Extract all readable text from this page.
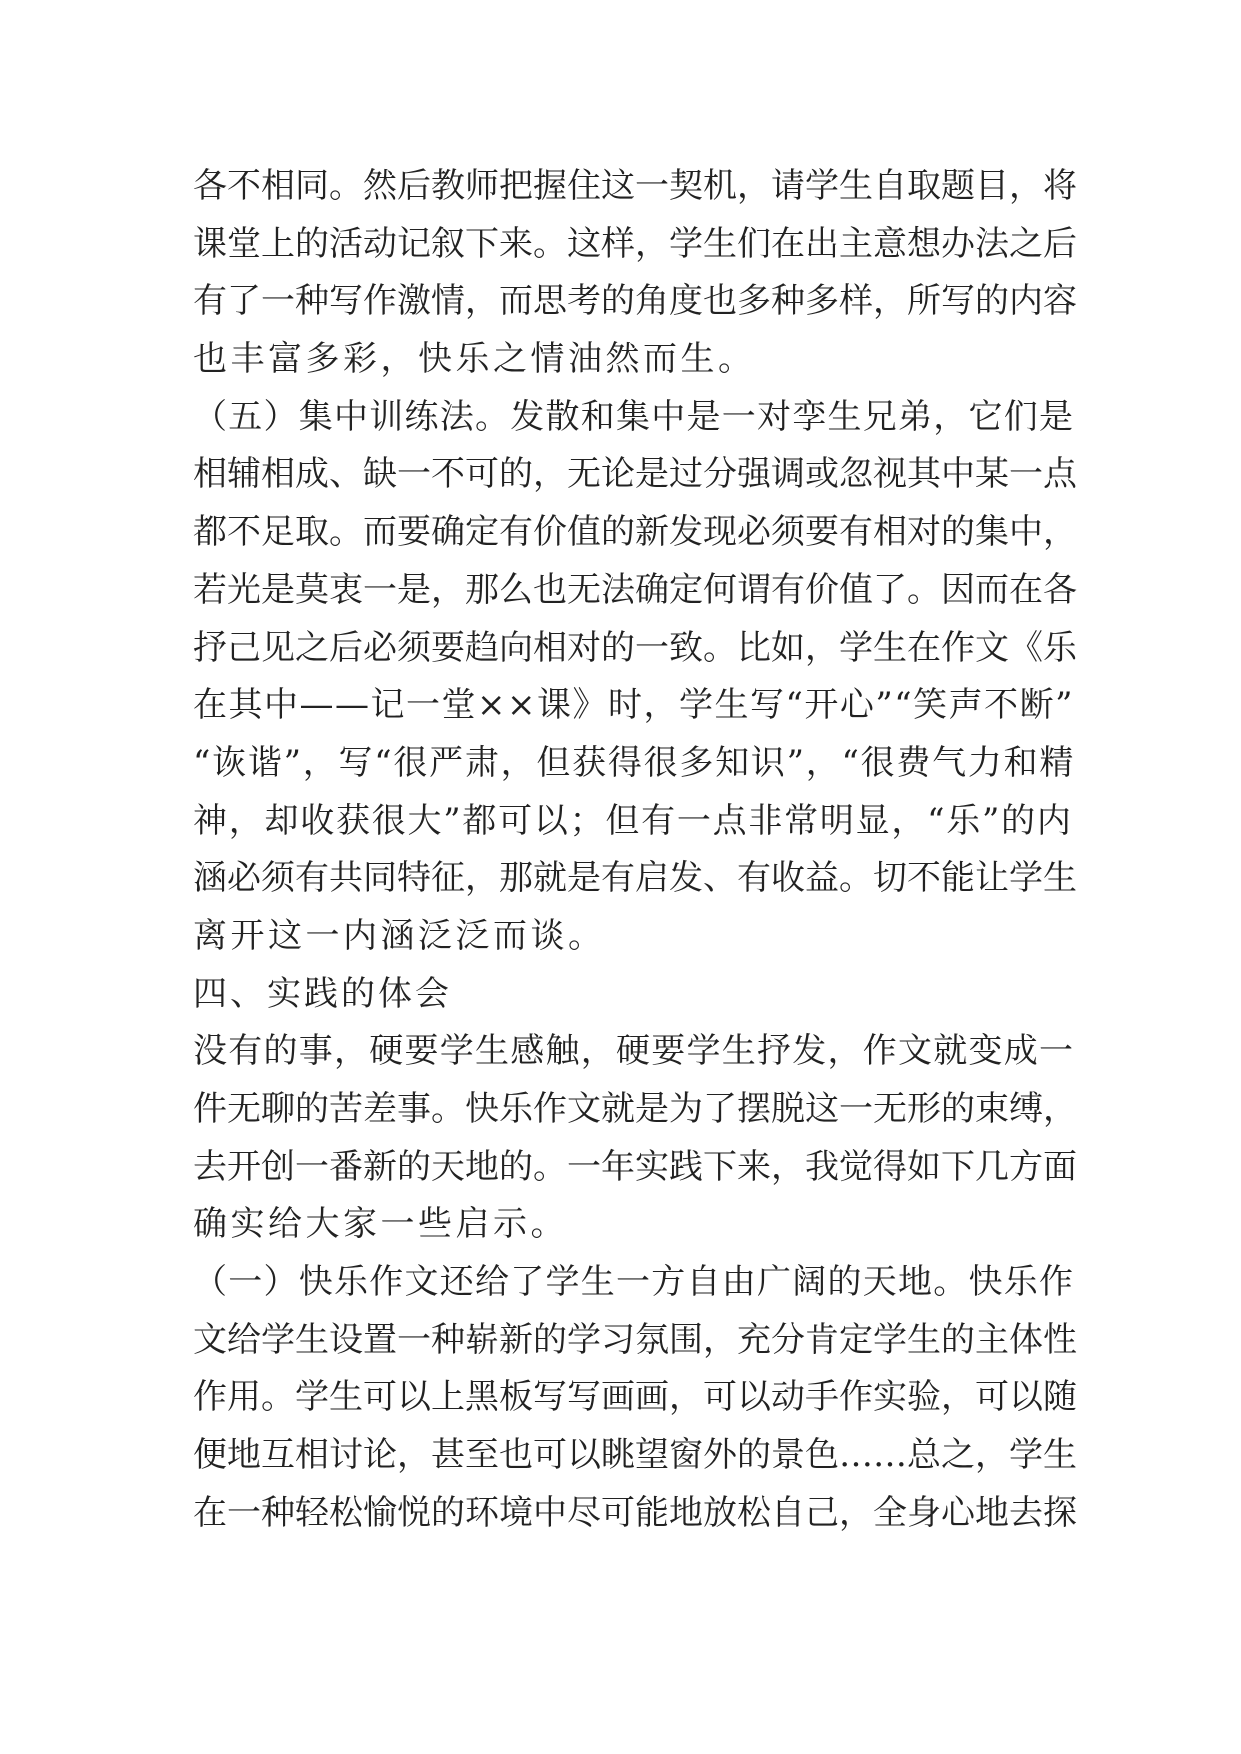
各不相同。然后教师把握住这一契机，请学生自取题目，将
课堂上的活动记叙下来。这样，学生们在出主意想办法之后
有了一种写作激情，而思考的角度也多种多样，所写的内容
也丰富多彩，快乐之情油然而生。
（五）集中训练法。发散和集中是一对孪生兄弟，它们是
相辅相成、缺一不可的，无论是过分强调或忽视其中某一点
都不足取。而要确定有价值的新发现必须要有相对的集中，
若光是莫衷一是，那么也无法确定何谓有价值了。因而在各
抒己见之后必须要趋向相对的一致。比如，学生在作文《乐
在其中——记一堂××课》时，学生写“开心”“笑声不断”
“诙谐”，写“很严肃，但获得很多知识”，“很费气力和精
神，却收获很大”都可以；但有一点非常明显，“乐”的内
涵必须有共同特征，那就是有启发、有收益。切不能让学生
离开这一内涵泛泛而谈。
四、实践的体会
没有的事，硬要学生感触，硬要学生抒发，作文就变成一
件无聊的苦差事。快乐作文就是为了摆脱这一无形的束缚，
去开创一番新的天地的。一年实践下来，我觉得如下几方面
确实给大家一些启示。
（一）快乐作文还给了学生一方自由广阔的天地。快乐作
文给学生设置一种崭新的学习氛围，充分肯定学生的主体性
作用。学生可以上黑板写写画画，可以动手作实验，可以随
便地互相讨论，甚至也可以眺望窗外的景色……总之，学生
在一种轻松愉悦的环境中尽可能地放松自己，全身心地去探
